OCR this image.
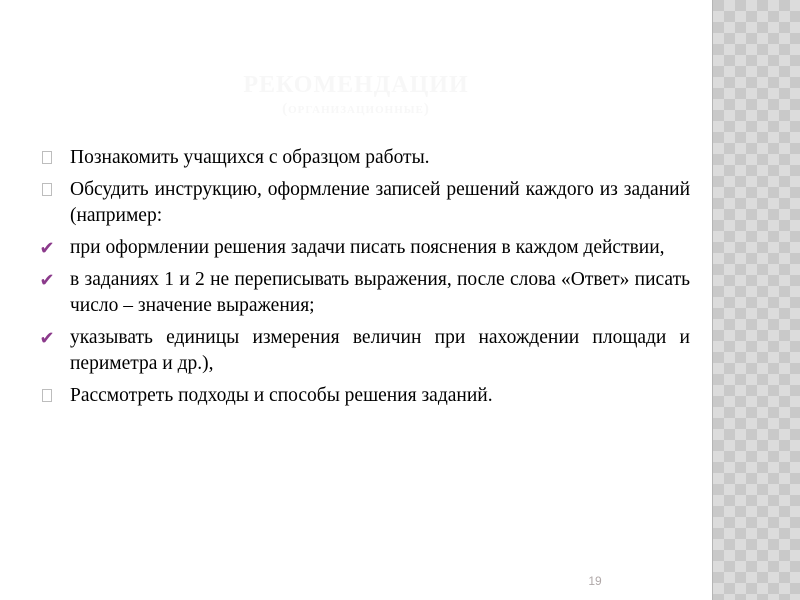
РЕКОМЕНДАЦИИ
(организационные)
Познакомить учащихся с образцом работы.
Обсудить инструкцию, оформление записей решений каждого из заданий (например:
✔ при оформлении решения задачи писать пояснения в каждом действии,
✔ в заданиях 1 и 2 не переписывать выражения, после слова «Ответ» писать число – значение выражения;
✔ указывать единицы измерения величин при нахождении площади и периметра и др.),
Рассмотреть подходы и способы решения заданий.
19
